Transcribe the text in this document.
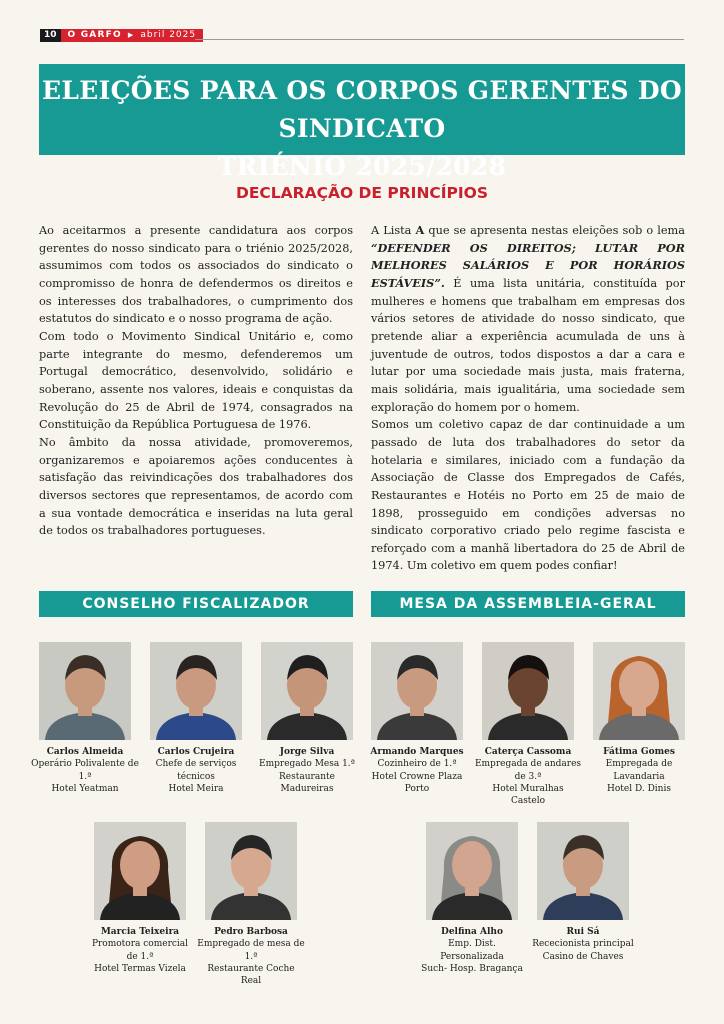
10	O GARFO ▶ abril 2025
ELEIÇÕES PARA OS CORPOS GERENTES DO SINDICATO
TRIÉNIO 2025/2028
DECLARAÇÃO DE PRINCÍPIOS

Ao aceitarmos a presente candidatura aos corpos gerentes do nosso sindicato para o triénio 2025/2028, assumimos com todos os associados do sindicato o compromisso de honra de defendermos os direitos e os interesses dos trabalhadores, o cumprimento dos estatutos do sindicato e o nosso programa de ação.

Com todo o Movimento Sindical Unitário e, como parte integrante do mesmo, defenderemos um Portugal democrático, desenvolvido, solidário e soberano, assente nos valores, ideais e conquistas da Revolução do 25 de Abril de 1974, consagrados na Constituição da República Portuguesa de 1976.

No âmbito da nossa atividade, promoveremos, organizaremos e apoiaremos ações conducentes à satisfação das reivindicações dos trabalhadores dos diversos sectores que representamos, de acordo com a sua vontade democrática e inseridas na luta geral de todos os trabalhadores portugueses.

A Lista A que se apresenta nestas eleições sob o lema “DEFENDER OS DIREITOS; LUTAR POR MELHORES SALÁRIOS E POR HORÁRIOS ESTÁVEIS”. É uma lista unitária, constituída por mulheres e homens que trabalham em empresas dos vários setores de atividade do nosso sindicato, que pretende aliar a experiência acumulada de uns à juventude de outros, todos dispostos a dar a cara e lutar por uma sociedade mais justa, mais fraterna, mais solidária, mais igualitária, uma sociedade sem exploração do homem por o homem.

Somos um coletivo capaz de dar continuidade a um passado de luta dos trabalhadores do setor da hotelaria e similares, iniciado com a fundação da Associação de Classe dos Empregados de Cafés, Restaurantes e Hotéis no Porto em 25 de maio de 1898, prosseguido em condições adversas no sindicato corporativo criado pelo regime fascista e reforçado com a manhã libertadora do 25 de Abril de 1974. Um coletivo em quem podes confiar!

CONSELHO FISCALIZADOR	MESA DA ASSEMBLEIA-GERAL
Carlos Almeida
Operário Polivalente de 1.ª
Hotel Yeatman
Carlos Crujeira
Chefe de serviços técnicos
Hotel Meira
Jorge Silva
Empregado Mesa 1.ª
Restaurante Madureiras
Armando Marques
Cozinheiro de 1.ª
Hotel Crowne Plaza Porto
Caterça Cassoma
Empregada de andares de 3.ª
Hotel Muralhas Castelo
Fátima Gomes
Empregada de Lavandaria
Hotel D. Dinis
Marcia Teixeira
Promotora comercial de 1.ª
Hotel Termas Vizela
Pedro Barbosa
Empregado de mesa de 1.ª
Restaurante Coche Real
Delfina Alho
Emp. Dist. Personalizada
Such- Hosp. Bragança
Rui Sá
Rececionista principal
Casino de Chaves
